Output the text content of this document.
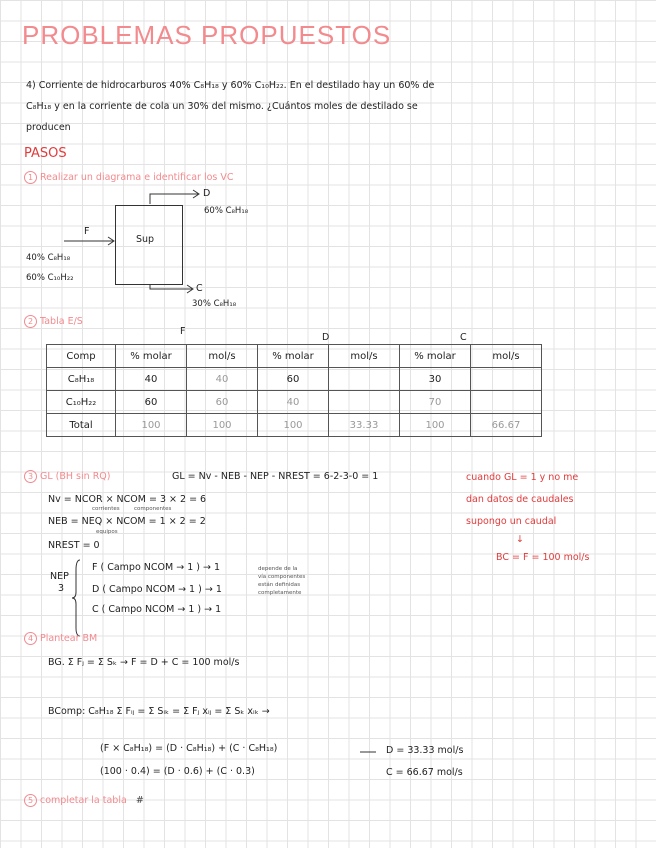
PROBLEMAS PROPUESTOS
4) Corriente de hidrocarburos 40% C₈H₁₈ y 60% C₁₀H₂₂. En el destilado hay un 60% de
C₈H₁₈ y en la corriente de cola un 30% del mismo. ¿Cuántos moles de destilado se
producen
PASOS
1 Realizar un diagrama e identificar los VC
Sup
F
D
C
40% C₈H₁₈
60% C₁₀H₂₂
60% C₈H₁₈
30% C₈H₁₈
2 Tabla E/S
F
D	C
Comp	% molar	mol/s	% molar	mol/s	% molar	mol/s
C₈H₁₈	40	40	60		30	
C₁₀H₂₂	60	60	40		70	
Total	100	100	100	33.33	100	66.67
3 GL (BH sin RQ)	GL = Nv - NEB - NEP - NREST = 6-2-3-0 = 1
Nv = NCOR × NCOM = 3 × 2 = 6
corrientes	componentes
NEB = NEQ × NCOM = 1 × 2 = 2
equipos
NREST = 0
NEP
3
F ( Campo NCOM → 1 ) → 1
D ( Campo NCOM → 1 ) → 1
C ( Campo NCOM → 1 ) → 1
depende de la
vía componentes
están definidas
completamente
cuando GL = 1 y no me
dan datos de caudales
supongo un caudal
↓
BC = F = 100 mol/s
4 Plantear BM
BG. Σ Fⱼ = Σ Sₖ → F = D + C = 100 mol/s
BComp: C₈H₁₈ Σ Fᵢⱼ = Σ Sᵢₖ = Σ Fⱼ xᵢⱼ = Σ Sₖ xᵢₖ →
(F × C₈H₁₈) = (D · C₈H₁₈) + (C · C₈H₁₈)
(100 · 0.4) = (D · 0.6) + (C · 0.3)
D = 33.33 mol/s
C = 66.67 mol/s
5 completar la tabla #
